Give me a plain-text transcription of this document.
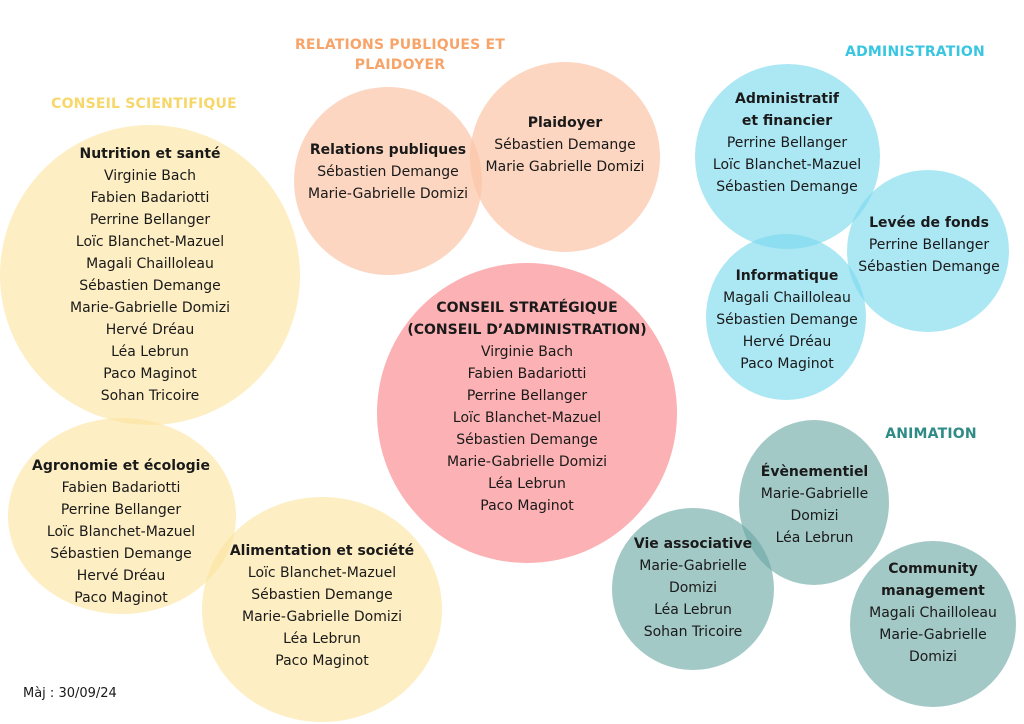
CONSEIL SCIENTIFIQUE
RELATIONS PUBLIQUES ET
PLAIDOYER
ADMINISTRATION
ANIMATION

Nutrition et santé

Virginie Bach
Fabien Badariotti
Perrine Bellanger
Loïc Blanchet-Mazuel
Magali Chailloleau
Sébastien Demange
Marie-Gabrielle Domizi
Hervé Dréau
Léa Lebrun
Paco Maginot
Sohan Tricoire

Agronomie et écologie

Fabien Badariotti
Perrine Bellanger
Loïc Blanchet-Mazuel
Sébastien Demange
Hervé Dréau
Paco Maginot

Alimentation et société

Loïc Blanchet-Mazuel
Sébastien Demange
Marie-Gabrielle Domizi
Léa Lebrun
Paco Maginot

Relations publiques

Sébastien Demange
Marie-Gabrielle Domizi

Plaidoyer

Sébastien Demange
Marie Gabrielle Domizi

CONSEIL STRATÉGIQUE
(CONSEIL D’ADMINISTRATION)

Virginie Bach
Fabien Badariotti
Perrine Bellanger
Loïc Blanchet-Mazuel
Sébastien Demange
Marie-Gabrielle Domizi
Léa Lebrun
Paco Maginot

Administratif
et financier

Perrine Bellanger
Loïc Blanchet-Mazuel
Sébastien Demange

Levée de fonds

Perrine Bellanger
Sébastien Demange

Informatique

Magali Chailloleau
Sébastien Demange
Hervé Dréau
Paco Maginot

Évènementiel

Marie-Gabrielle
Domizi
Léa Lebrun

Vie associative

Marie-Gabrielle
Domizi
Léa Lebrun
Sohan Tricoire

Community
management

Magali Chailloleau
Marie-Gabrielle
Domizi
Màj : 30/09/24
